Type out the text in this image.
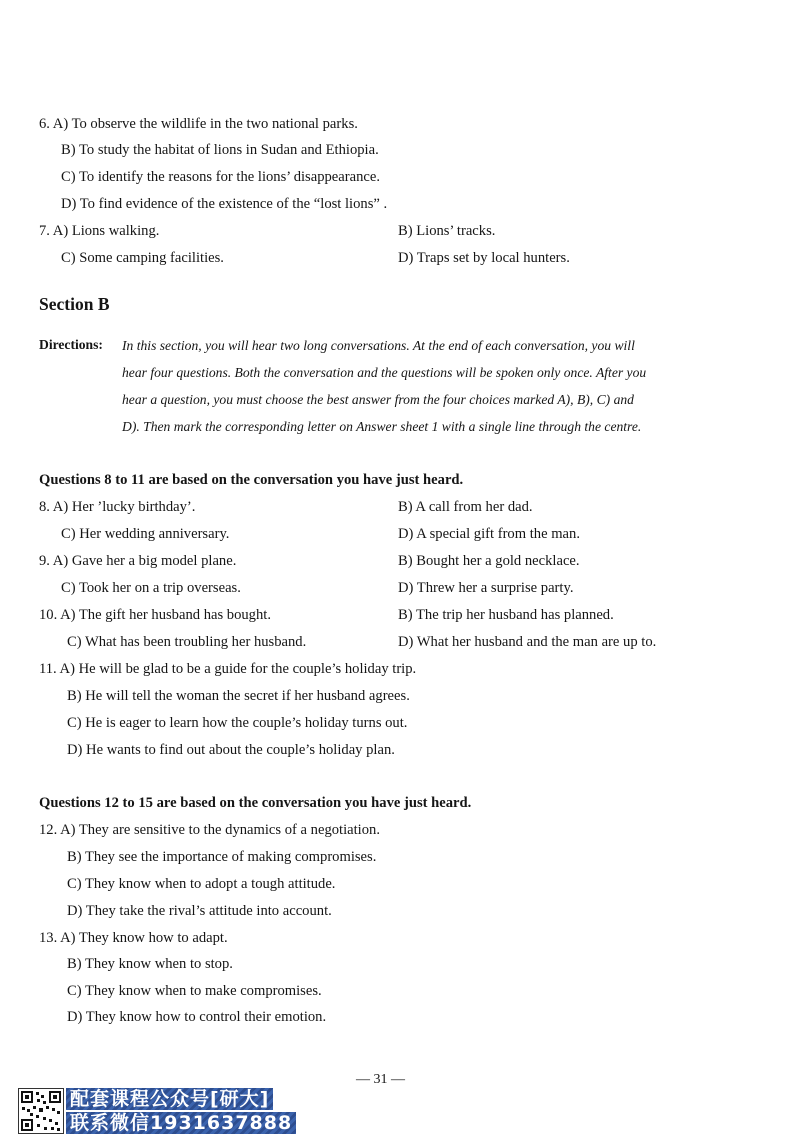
6. A) To observe the wildlife in the two national parks.
B) To study the habitat of lions in Sudan and Ethiopia.
C) To identify the reasons for the lions’ disappearance.
D) To find evidence of the existence of the “lost lions” .
7. A) Lions walking.	B) Lions’ tracks.
C) Some camping facilities.	D) Traps set by local hunters.
Section B
Directions: In this section, you will hear two long conversations. At the end of each conversation, you will
hear four questions. Both the conversation and the questions will be spoken only once. After you
hear a question, you must choose the best answer from the four choices marked A), B), C) and
D). Then mark the corresponding letter on Answer sheet 1 with a single line through the centre.
Questions 8 to 11 are based on the conversation you have just heard.
8. A) Her ’lucky birthday’.	B) A call from her dad.
C) Her wedding anniversary.	D) A special gift from the man.
9. A) Gave her a big model plane.	B) Bought her a gold necklace.
C) Took her on a trip overseas.	D) Threw her a surprise party.
10. A) The gift her husband has bought.	B) The trip her husband has planned.
C) What has been troubling her husband.	D) What her husband and the man are up to.
11. A) He will be glad to be a guide for the couple’s holiday trip.
B) He will tell the woman the secret if her husband agrees.
C) He is eager to learn how the couple’s holiday turns out.
D) He wants to find out about the couple’s holiday plan.
Questions 12 to 15 are based on the conversation you have just heard.
12. A) They are sensitive to the dynamics of a negotiation.
B) They see the importance of making compromises.
C) They know when to adopt a tough attitude.
D) They take the rival’s attitude into account.
13. A) They know how to adapt.
B) They know when to stop.
C) They know when to make compromises.
D) They know how to control their emotion.
— 31 —
配套课程公众号[研大]
联系微信1931637888
